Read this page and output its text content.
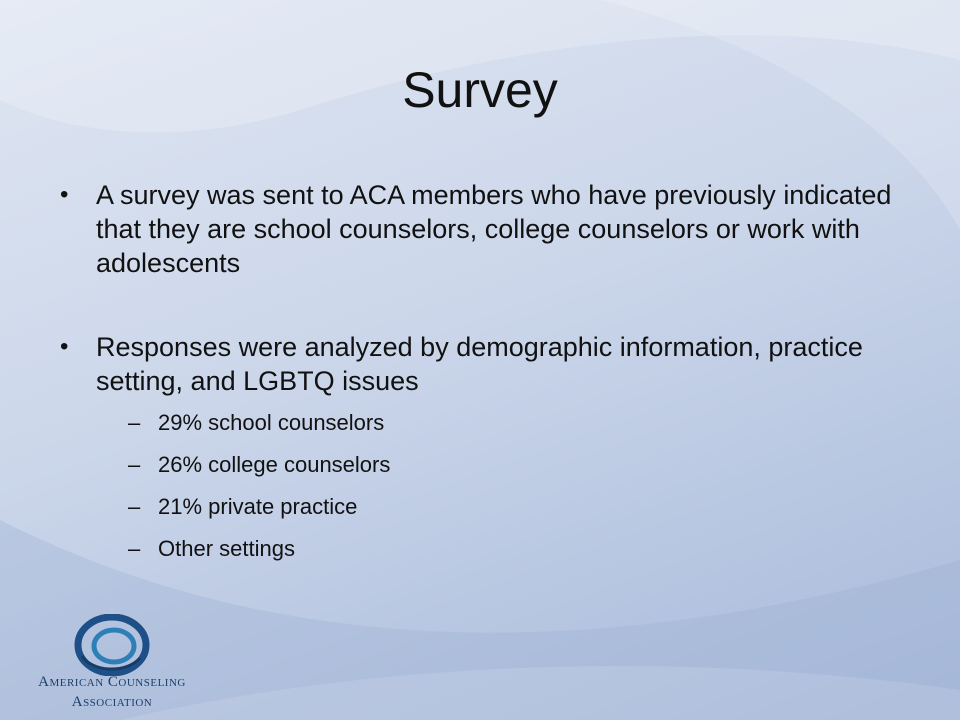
Survey
• A survey was sent to ACA members who have previously indicated that they are school counselors, college counselors or work with adolescents
• Responses were analyzed by demographic information, practice setting, and LGBTQ issues
– 29% school counselors
– 26% college counselors
– 21% private practice
– Other settings
American Counseling
Association
